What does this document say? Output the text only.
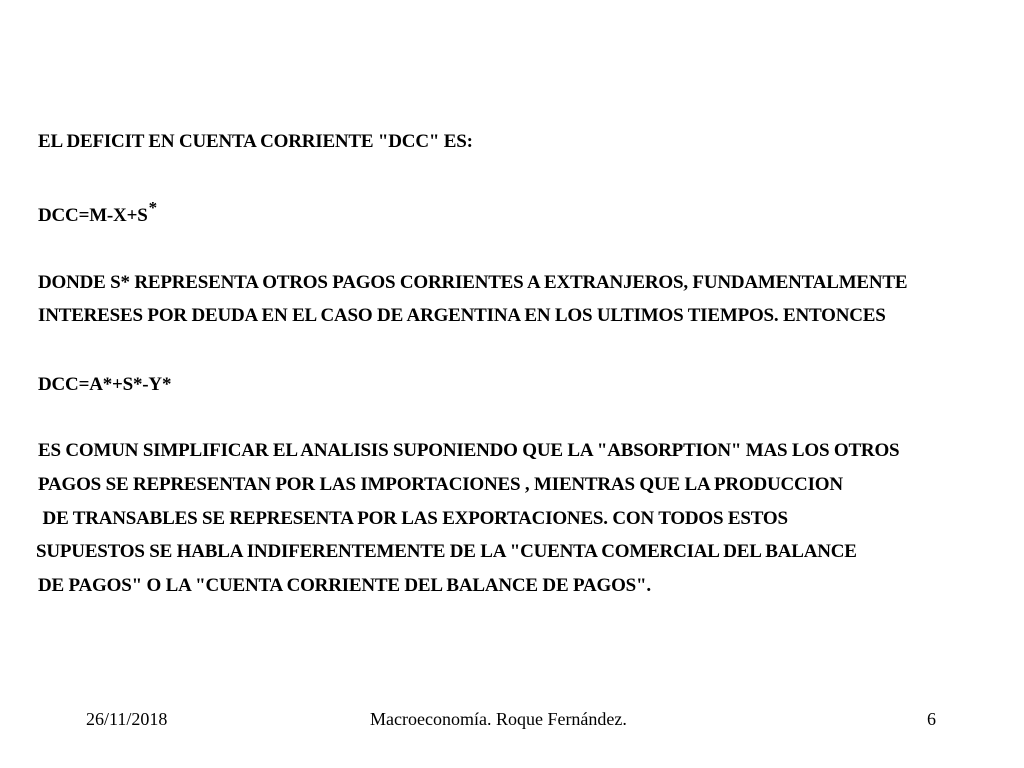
EL DEFICIT EN CUENTA CORRIENTE "DCC" ES:
DCC=M-X+S*
DONDE S* REPRESENTA OTROS PAGOS CORRIENTES A EXTRANJEROS, FUNDAMENTALMENTE
INTERESES POR DEUDA EN EL CASO DE ARGENTINA EN LOS ULTIMOS TIEMPOS. ENTONCES
DCC=A*+S*-Y*
ES COMUN SIMPLIFICAR EL ANALISIS SUPONIENDO QUE LA "ABSORPTION" MAS LOS OTROS
PAGOS SE REPRESENTAN POR LAS IMPORTACIONES , MIENTRAS QUE LA PRODUCCION
DE TRANSABLES SE REPRESENTA POR LAS EXPORTACIONES. CON TODOS ESTOS
SUPUESTOS SE HABLA INDIFERENTEMENTE DE LA "CUENTA COMERCIAL DEL BALANCE
DE PAGOS" O LA "CUENTA CORRIENTE DEL BALANCE DE PAGOS".
26/11/2018	Macroeconomía. Roque Fernández.	6
